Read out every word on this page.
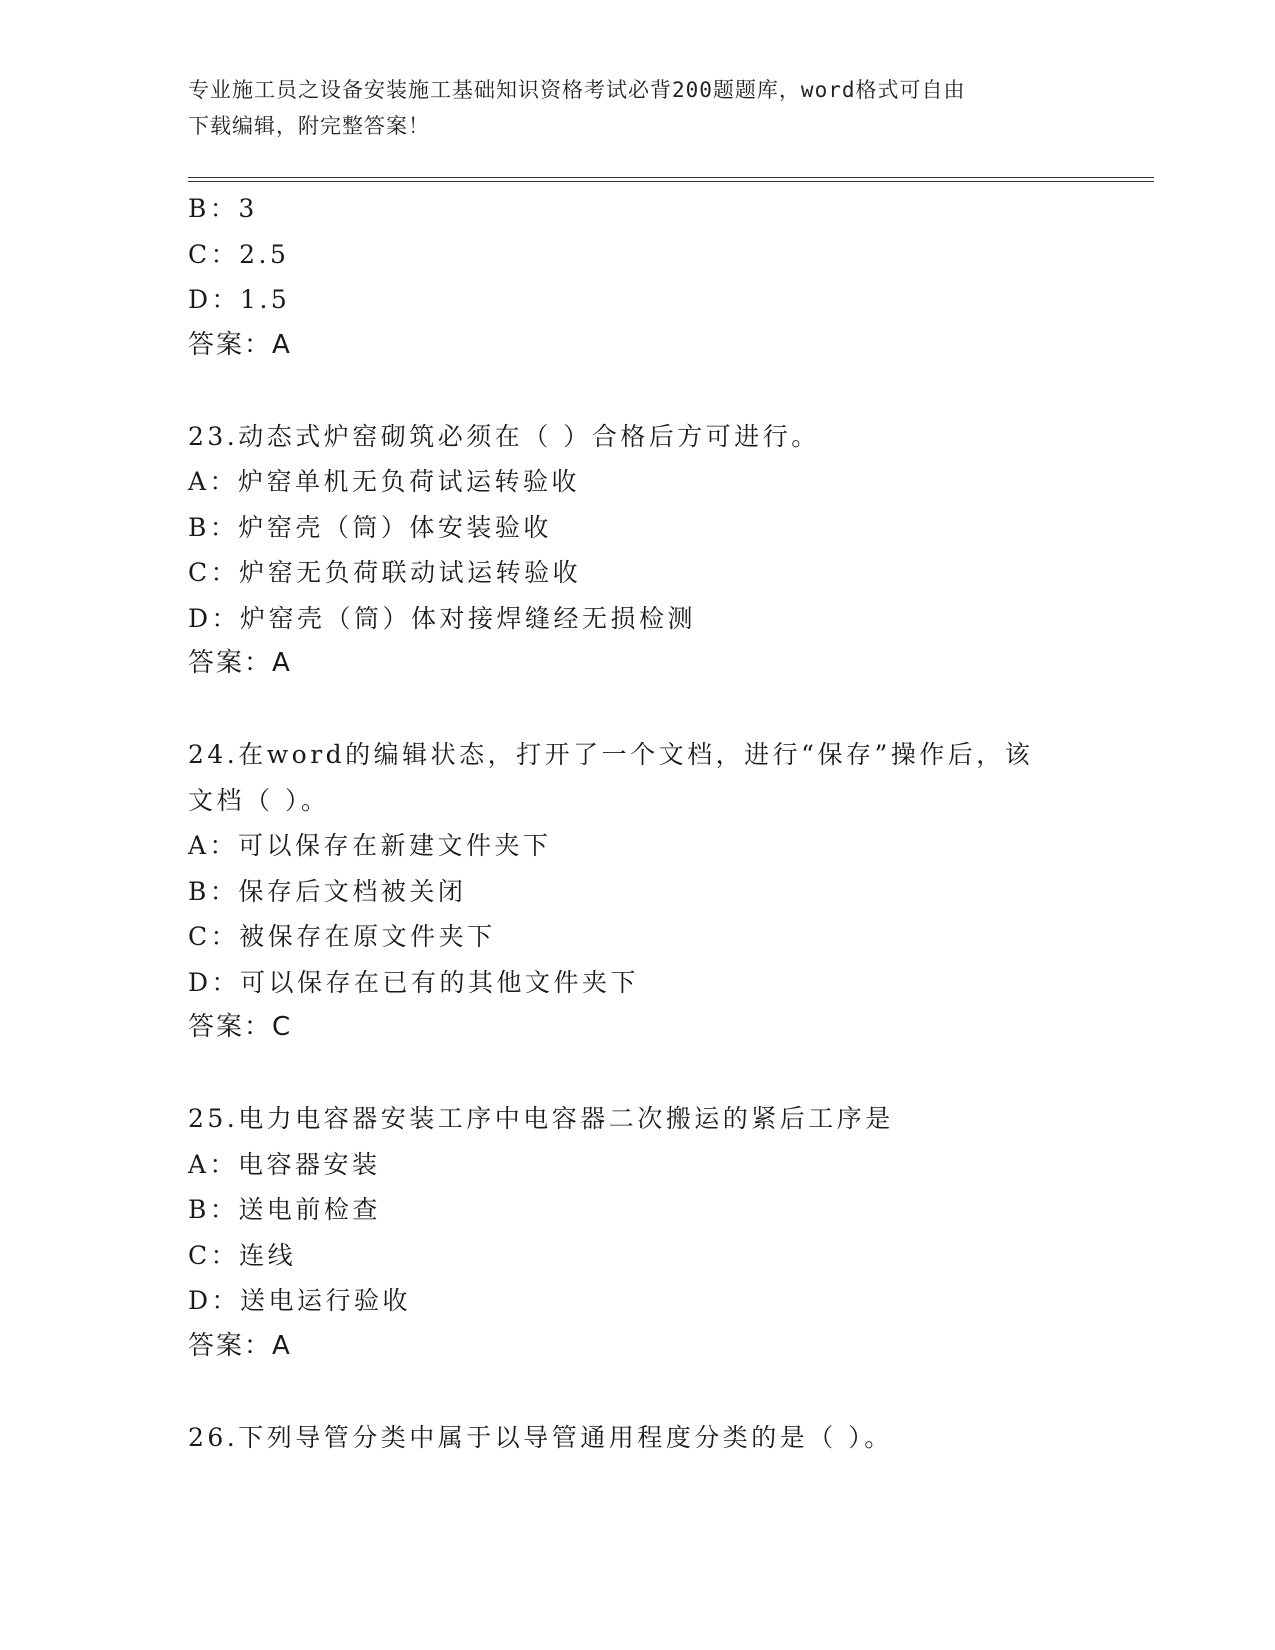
专业施工员之设备安装施工基础知识资格考试必背200题题库，word格式可自由
下载编辑，附完整答案！

B：3

C：2.5

D：1.5

答案：A

23.动态式炉窑砌筑必须在（ ）合格后方可进行。

A：炉窑单机无负荷试运转验收

B：炉窑壳（筒）体安装验收

C：炉窑无负荷联动试运转验收

D：炉窑壳（筒）体对接焊缝经无损检测

答案：A

24.在word的编辑状态，打开了一个文档，进行“保存”操作后，该

文档（ ）。

A：可以保存在新建文件夹下

B：保存后文档被关闭

C：被保存在原文件夹下

D：可以保存在已有的其他文件夹下

答案：C

25.电力电容器安装工序中电容器二次搬运的紧后工序是

A：电容器安装

B：送电前检查

C：连线

D：送电运行验收

答案：A

26.下列导管分类中属于以导管通用程度分类的是（ ）。
